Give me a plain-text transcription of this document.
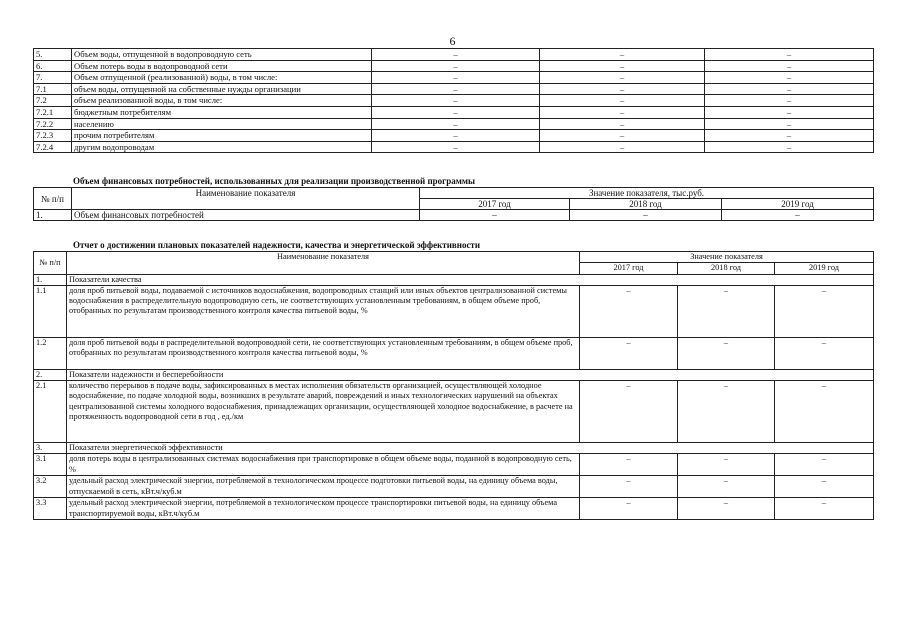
6
5.	Объем воды, отпущенной в водопроводную сеть	–	–	–
6.	Объем потерь воды в водопроводной сети	–	–	–
7.	Объем отпущенной (реализованной) воды, в том числе:	–	–	–
7.1	объем воды, отпущенной на собственные нужды организации	–	–	–
7.2	объем реализованной воды, в том числе:	–	–	–
7.2.1	бюджетным потребителям	–	–	–
7.2.2	населению	–	–	–
7.2.3	прочим потребителям	–	–	–
7.2.4	другим водопроводам	–	–	–
Объем финансовых потребностей, использованных для реализации производственной программы
№ п/п	Наименование показателя	Значение показателя, тыс.руб.		
		2017 год	2018 год	2019 год
1.	Объем финансовых потребностей	–	–	–
Отчет о достижении плановых показателей надежности, качества и энергетической эффективности
№ п/п	Наименование показателя	Значение показателя		
		2017 год	2018 год	2019 год
1.	Показатели качества			
1.1	доля проб питьевой воды, подаваемой с источников водоснабжения, водопроводных станций или иных объектов централизованной системы водоснабжения в распределительную водопроводную сеть, не соответствующих установленным требованиям, в общем объеме проб, отобранных по результатам производственного контроля качества питьевой воды, %	–	–	–
1.2	доля проб питьевой воды в распределительной водопроводной сети, не соответствующих установленным требованиям, в общем объеме проб, отобранных по результатам производственного контроля качества питьевой воды, %	–	–	–
2.	Показатели надежности и бесперебойности			
2.1	количество перерывов в подаче воды, зафиксированных в местах исполнения обязательств организацией, осуществляющей холодное водоснабжение, по подаче холодной воды, возникших в результате аварий, повреждений и иных технологических нарушений на объектах централизованной системы холодного водоснабжения, принадлежащих организации, осуществляющей холодное водоснабжение, в расчете на протяженность водопроводной сети в год , ед./км	–	–	–
3.	Показатели энергетической эффективности			
3.1	доля потерь воды в централизованных системах водоснабжения при транспортировке в общем объеме воды, поданной в водопроводную сеть, %	–	–	–
3.2	удельный расход электрической энергии, потребляемой в технологическом процессе подготовки питьевой воды, на единицу объема воды, отпускаемой в сеть, кВт.ч/куб.м	–	–	–
3.3	удельный расход электрической энергии, потребляемой в технологическом процессе транспортировки питьевой воды, на единицу объема транспортируемой воды, кВт.ч/куб.м	–	–	–
